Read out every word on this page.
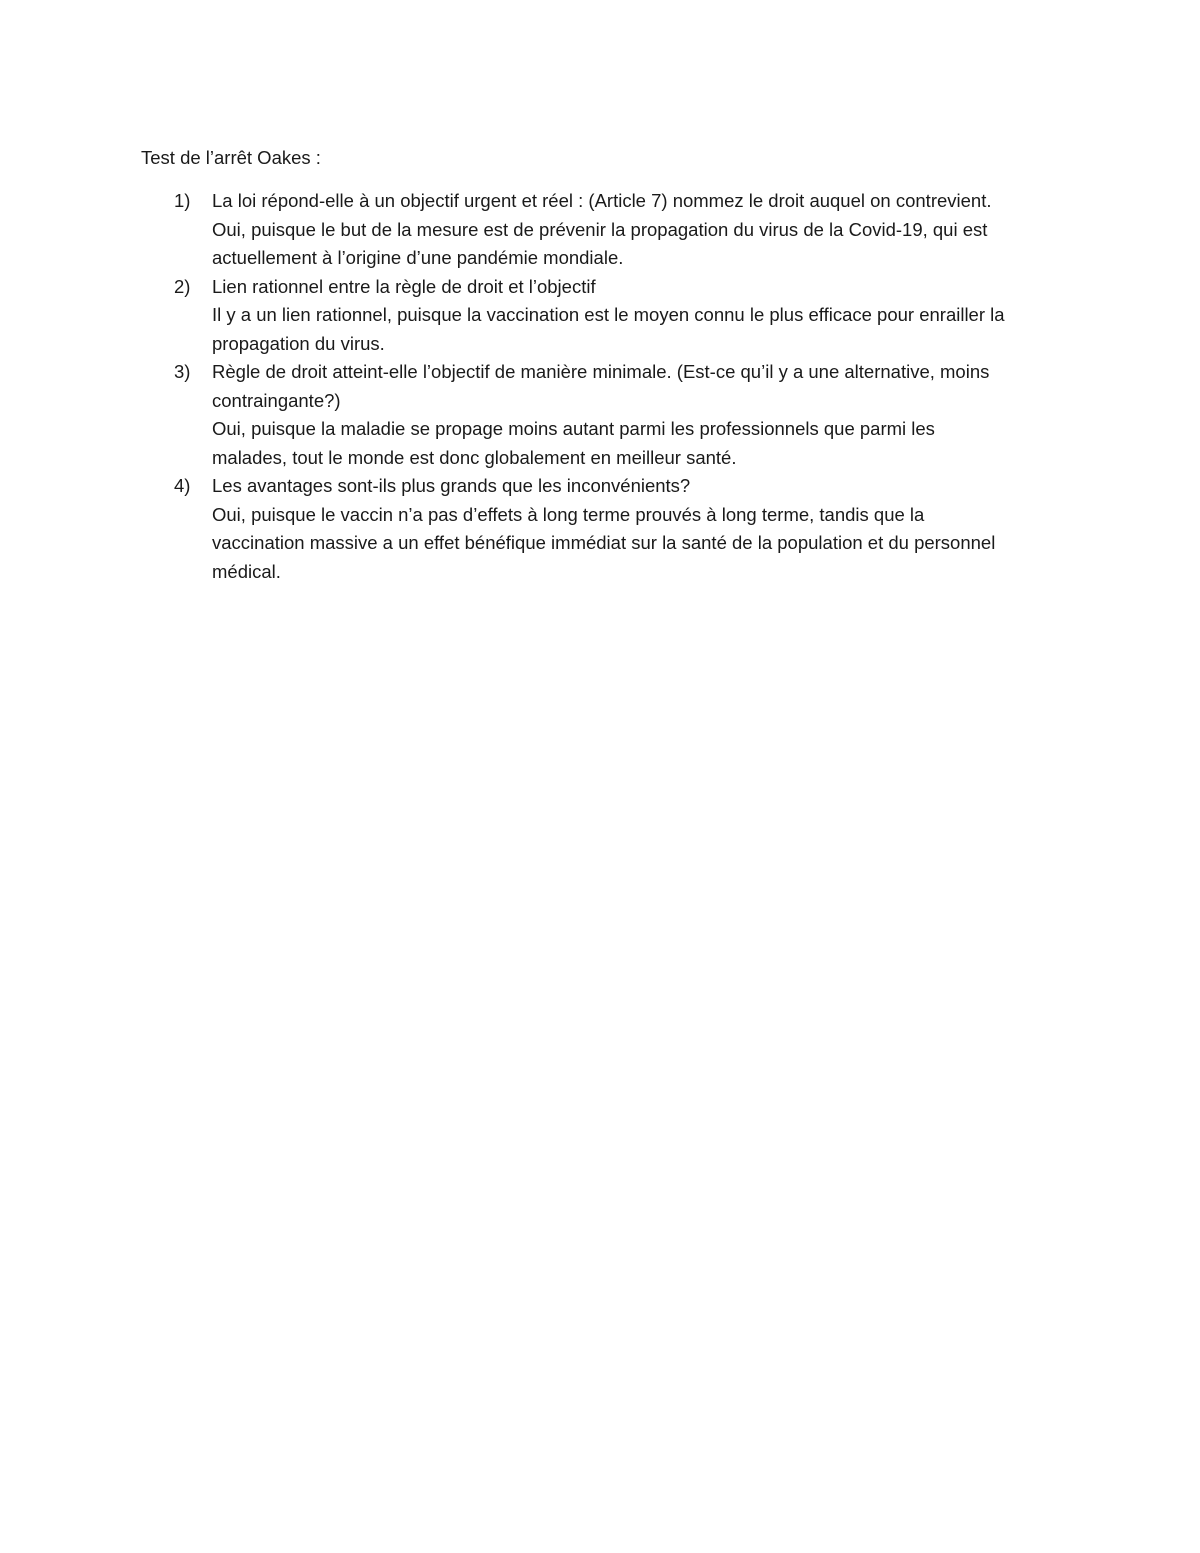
Test de l’arrêt Oakes :
1) La loi répond-elle à un objectif urgent et réel : (Article 7) nommez le droit auquel on contrevient.
Oui, puisque le but de la mesure est de prévenir la propagation du virus de la Covid-19, qui est
actuellement à l’origine d’une pandémie mondiale.
2) Lien rationnel entre la règle de droit et l’objectif
Il y a un lien rationnel, puisque la vaccination est le moyen connu le plus efficace pour enrailler la
propagation du virus.
3) Règle de droit atteint-elle l’objectif de manière minimale. (Est-ce qu’il y a une alternative, moins
contraingante?)
Oui, puisque la maladie se propage moins autant parmi les professionnels que parmi les
malades, tout le monde est donc globalement en meilleur santé.
4) Les avantages sont-ils plus grands que les inconvénients?
Oui, puisque le vaccin n’a pas d’effets à long terme prouvés à long terme, tandis que la
vaccination massive a un effet bénéfique immédiat sur la santé de la population et du personnel
médical.
